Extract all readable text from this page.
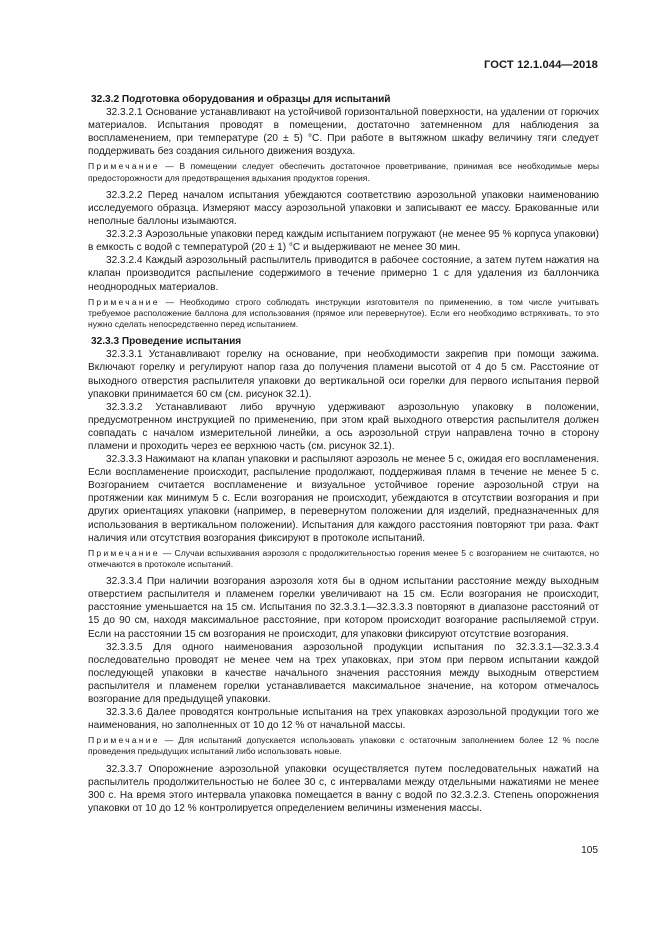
ГОСТ 12.1.044—2018
32.3.2 Подготовка оборудования и образцы для испытаний

32.3.2.1 Основание устанавливают на устойчивой горизонтальной поверхности, на удалении от горючих материалов. Испытания проводят в помещении, достаточно затемненном для наблюдения за воспламенением, при температуре (20 ± 5) °C. При работе в вытяжном шкафу величину тяги следует поддерживать без создания сильного движения воздуха.

Примечание — В помещении следует обеспечить достаточное проветривание, принимая все необходимые меры предосторожности для предотвращения вдыхания продуктов горения.

32.3.2.2 Перед началом испытания убеждаются соответствию аэрозольной упаковки наименованию исследуемого образца. Измеряют массу аэрозольной упаковки и записывают ее массу. Бракованные или неполные баллоны изымаются.

32.3.2.3 Аэрозольные упаковки перед каждым испытанием погружают (не менее 95 % корпуса упаковки) в емкость с водой с температурой (20 ± 1) °C и выдерживают не менее 30 мин.

32.3.2.4 Каждый аэрозольный распылитель приводится в рабочее состояние, а затем путем нажатия на клапан производится распыление содержимого в течение примерно 1 с для удаления из баллончика неоднородных материалов.

Примечание — Необходимо строго соблюдать инструкции изготовителя по применению, в том числе учитывать требуемое расположение баллона для использования (прямое или перевернутое). Если его необходимо встряхивать, то это нужно сделать непосредственно перед испытанием.

32.3.3 Проведение испытания

32.3.3.1 Устанавливают горелку на основание, при необходимости закрепив при помощи зажима. Включают горелку и регулируют напор газа до получения пламени высотой от 4 до 5 см. Расстояние от выходного отверстия распылителя упаковки до вертикальной оси горелки для первого испытания первой упаковки принимается 60 см (см. рисунок 32.1).

32.3.3.2 Устанавливают либо вручную удерживают аэрозольную упаковку в положении, предусмотренном инструкцией по применению, при этом край выходного отверстия распылителя должен совпадать с началом измерительной линейки, а ось аэрозольной струи направлена точно в сторону пламени и проходить через ее верхнюю часть (см. рисунок 32.1).

32.3.3.3 Нажимают на клапан упаковки и распыляют аэрозоль не менее 5 с, ожидая его воспламенения. Если воспламенение происходит, распыление продолжают, поддерживая пламя в течение не менее 5 с. Возгоранием считается воспламенение и визуальное устойчивое горение аэрозольной струи на протяжении как минимум 5 с. Если возгорания не происходит, убеждаются в отсутствии возгорания и при других ориентациях упаковки (например, в перевернутом положении для изделий, предназначенных для использования в вертикальном положении). Испытания для каждого расстояния повторяют три раза. Факт наличия или отсутствия возгорания фиксируют в протоколе испытаний.

Примечание — Случаи вспыхивания аэрозоля с продолжительностью горения менее 5 с возгоранием не считаются, но отмечаются в протоколе испытаний.

32.3.3.4 При наличии возгорания аэрозоля хотя бы в одном испытании расстояние между выходным отверстием распылителя и пламенем горелки увеличивают на 15 см. Если возгорания не происходит, расстояние уменьшается на 15 см. Испытания по 32.3.3.1—32.3.3.3 повторяют в диапазоне расстояний от 15 до 90 см, находя максимальное расстояние, при котором происходит возгорание распыляемой струи. Если на расстоянии 15 см возгорания не происходит, для упаковки фиксируют отсутствие возгорания.

32.3.3.5 Для одного наименования аэрозольной продукции испытания по 32.3.3.1—32.3.3.4 последовательно проводят не менее чем на трех упаковках, при этом при первом испытании каждой последующей упаковки в качестве начального значения расстояния между выходным отверстием распылителя и пламенем горелки устанавливается максимальное значение, на котором отмечалось возгорание для предыдущей упаковки.

32.3.3.6 Далее проводятся контрольные испытания на трех упаковках аэрозольной продукции того же наименования, но заполненных от 10 до 12 % от начальной массы.

Примечание — Для испытаний допускается использовать упаковки с остаточным заполнением более 12 % после проведения предыдущих испытаний либо использовать новые.

32.3.3.7 Опорожнение аэрозольной упаковки осуществляется путем последовательных нажатий на распылитель продолжительностью не более 30 с, с интервалами между отдельными нажатиями не менее 300 с. На время этого интервала упаковка помещается в ванну с водой по 32.3.2.3. Степень опорожнения упаковки от 10 до 12 % контролируется определением величины изменения массы.

105
